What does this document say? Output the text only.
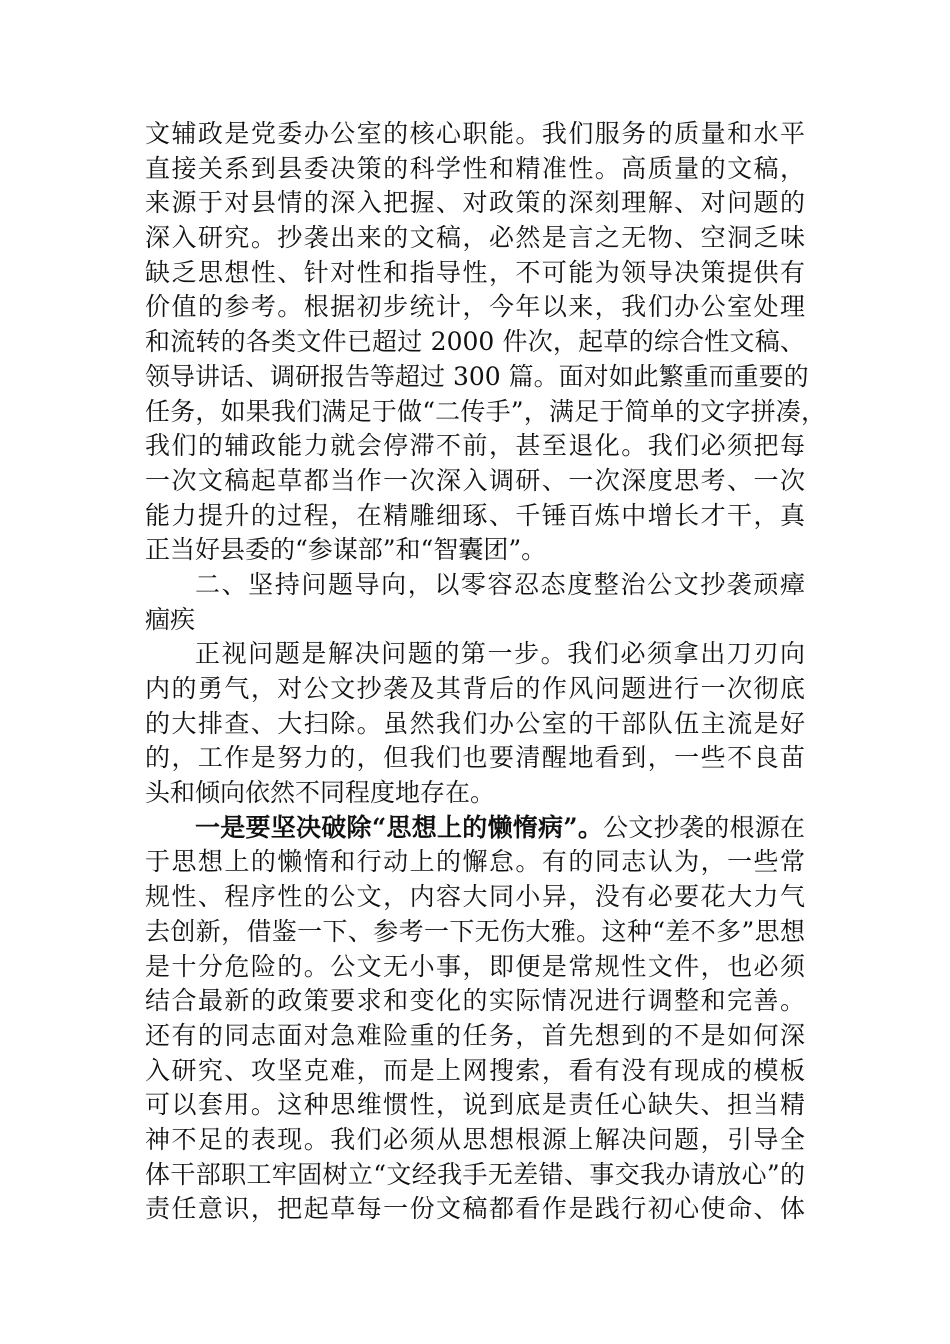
文辅政是党委办公室的核心职能。我们服务的质量和水平
直接关系到县委决策的科学性和精准性。高质量的文稿，
来源于对县情的深入把握、对政策的深刻理解、对问题的
深入研究。抄袭出来的文稿，必然是言之无物、空洞乏味
缺乏思想性、针对性和指导性，不可能为领导决策提供有
价值的参考。根据初步统计，今年以来，我们办公室处理
和流转的各类文件已超过 2000 件次，起草的综合性文稿、
领导讲话、调研报告等超过 300 篇。面对如此繁重而重要的
任务，如果我们满足于做“二传手”，满足于简单的文字拼凑，
我们的辅政能力就会停滞不前，甚至退化。我们必须把每
一次文稿起草都当作一次深入调研、一次深度思考、一次
能力提升的过程，在精雕细琢、千锤百炼中增长才干，真
正当好县委的“参谋部”和“智囊团”。
二、坚持问题导向，以零容忍态度整治公文抄袭顽瘴
痼疾
正视问题是解决问题的第一步。我们必须拿出刀刃向
内的勇气，对公文抄袭及其背后的作风问题进行一次彻底
的大排查、大扫除。虽然我们办公室的干部队伍主流是好
的，工作是努力的，但我们也要清醒地看到，一些不良苗
头和倾向依然不同程度地存在。
一是要坚决破除“思想上的懒惰病”。公文抄袭的根源在
于思想上的懒惰和行动上的懈怠。有的同志认为，一些常
规性、程序性的公文，内容大同小异，没有必要花大力气
去创新，借鉴一下、参考一下无伤大雅。这种“差不多”思想
是十分危险的。公文无小事，即便是常规性文件，也必须
结合最新的政策要求和变化的实际情况进行调整和完善。
还有的同志面对急难险重的任务，首先想到的不是如何深
入研究、攻坚克难，而是上网搜索，看有没有现成的模板
可以套用。这种思维惯性，说到底是责任心缺失、担当精
神不足的表现。我们必须从思想根源上解决问题，引导全
体干部职工牢固树立“文经我手无差错、事交我办请放心”的
责任意识，把起草每一份文稿都看作是践行初心使命、体
